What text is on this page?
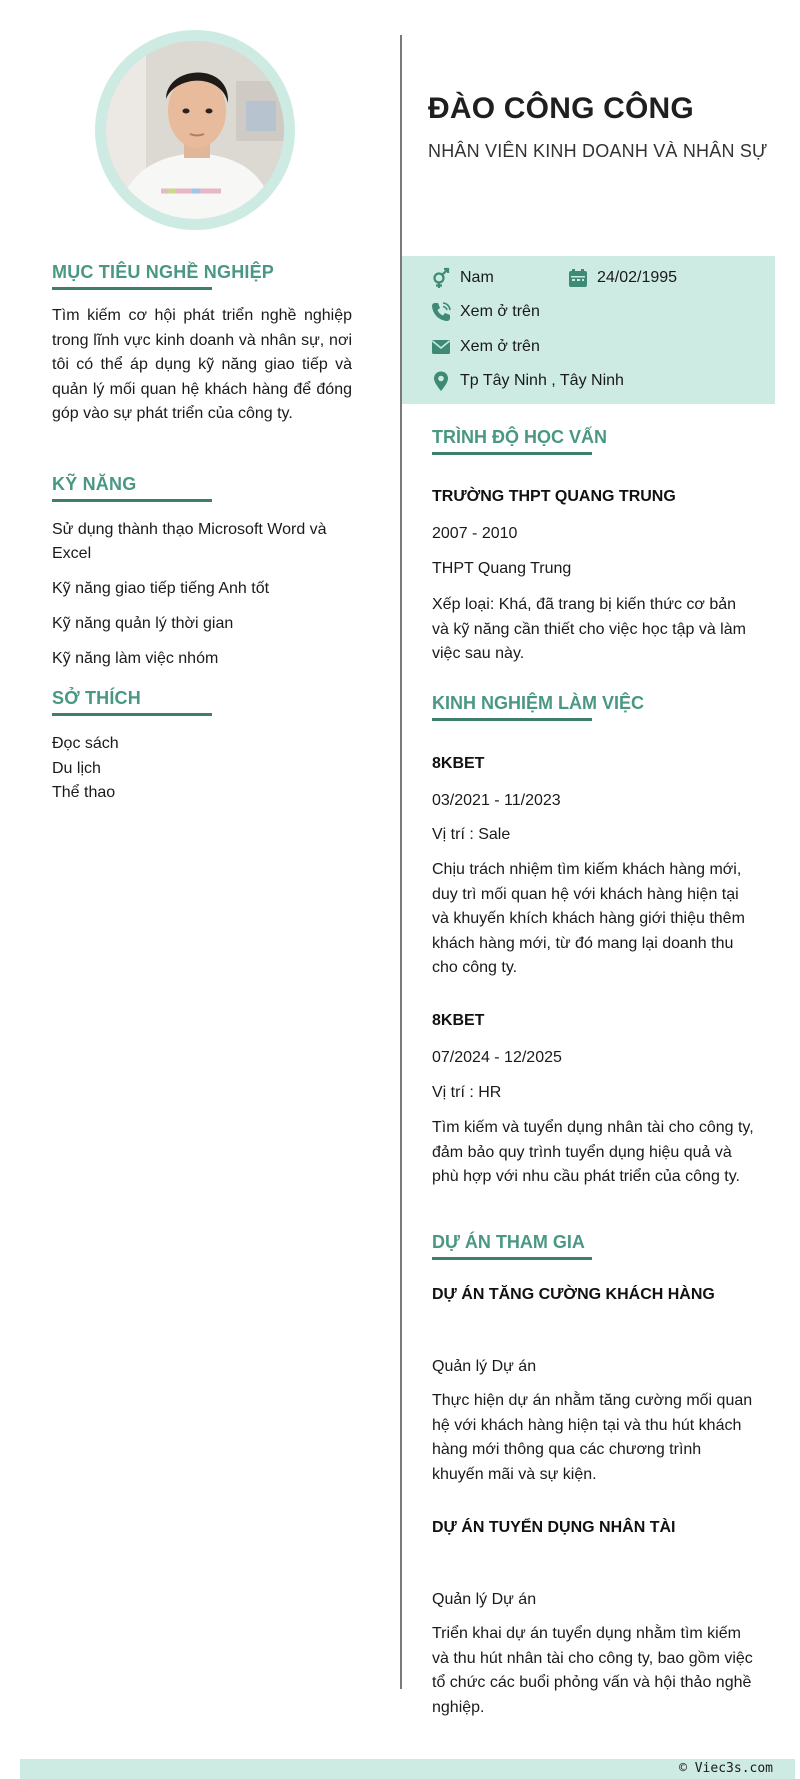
MỤC TIÊU NGHỀ NGHIỆP
Tìm kiếm cơ hội phát triển nghề nghiệp trong lĩnh vực kinh doanh và nhân sự, nơi tôi có thể áp dụng kỹ năng giao tiếp và quản lý mối quan hệ khách hàng để đóng góp vào sự phát triển của công ty.
KỸ NĂNG
Sử dụng thành thạo Microsoft Word và Excel
Kỹ năng giao tiếp tiếng Anh tốt
Kỹ năng quản lý thời gian
Kỹ năng làm việc nhóm
SỞ THÍCH
Đọc sách
Du lịch
Thể thao
ĐÀO CÔNG CÔNG
NHÂN VIÊN KINH DOANH VÀ NHÂN SỰ
Nam	24/02/1995
Xem ở trên
Xem ở trên
Tp Tây Ninh , Tây Ninh
TRÌNH ĐỘ HỌC VẤN
TRƯỜNG THPT QUANG TRUNG
2007 - 2010
THPT Quang Trung
Xếp loại: Khá, đã trang bị kiến thức cơ bản và kỹ năng cần thiết cho việc học tập và làm việc sau này.
KINH NGHIỆM LÀM VIỆC
8KBET
03/2021 - 11/2023
Vị trí : Sale
Chịu trách nhiệm tìm kiếm khách hàng mới, duy trì mối quan hệ với khách hàng hiện tại và khuyến khích khách hàng giới thiệu thêm khách hàng mới, từ đó mang lại doanh thu cho công ty.
8KBET
07/2024 - 12/2025
Vị trí : HR
Tìm kiếm và tuyển dụng nhân tài cho công ty, đảm bảo quy trình tuyển dụng hiệu quả và phù hợp với nhu cầu phát triển của công ty.
DỰ ÁN THAM GIA
DỰ ÁN TĂNG CƯỜNG KHÁCH HÀNG
Quản lý Dự án
Thực hiện dự án nhằm tăng cường mối quan hệ với khách hàng hiện tại và thu hút khách hàng mới thông qua các chương trình khuyến mãi và sự kiện.
DỰ ÁN TUYỂN DỤNG NHÂN TÀI
Quản lý Dự án
Triển khai dự án tuyển dụng nhằm tìm kiếm và thu hút nhân tài cho công ty, bao gồm việc tổ chức các buổi phỏng vấn và hội thảo nghề nghiệp.
© Viec3s.com
